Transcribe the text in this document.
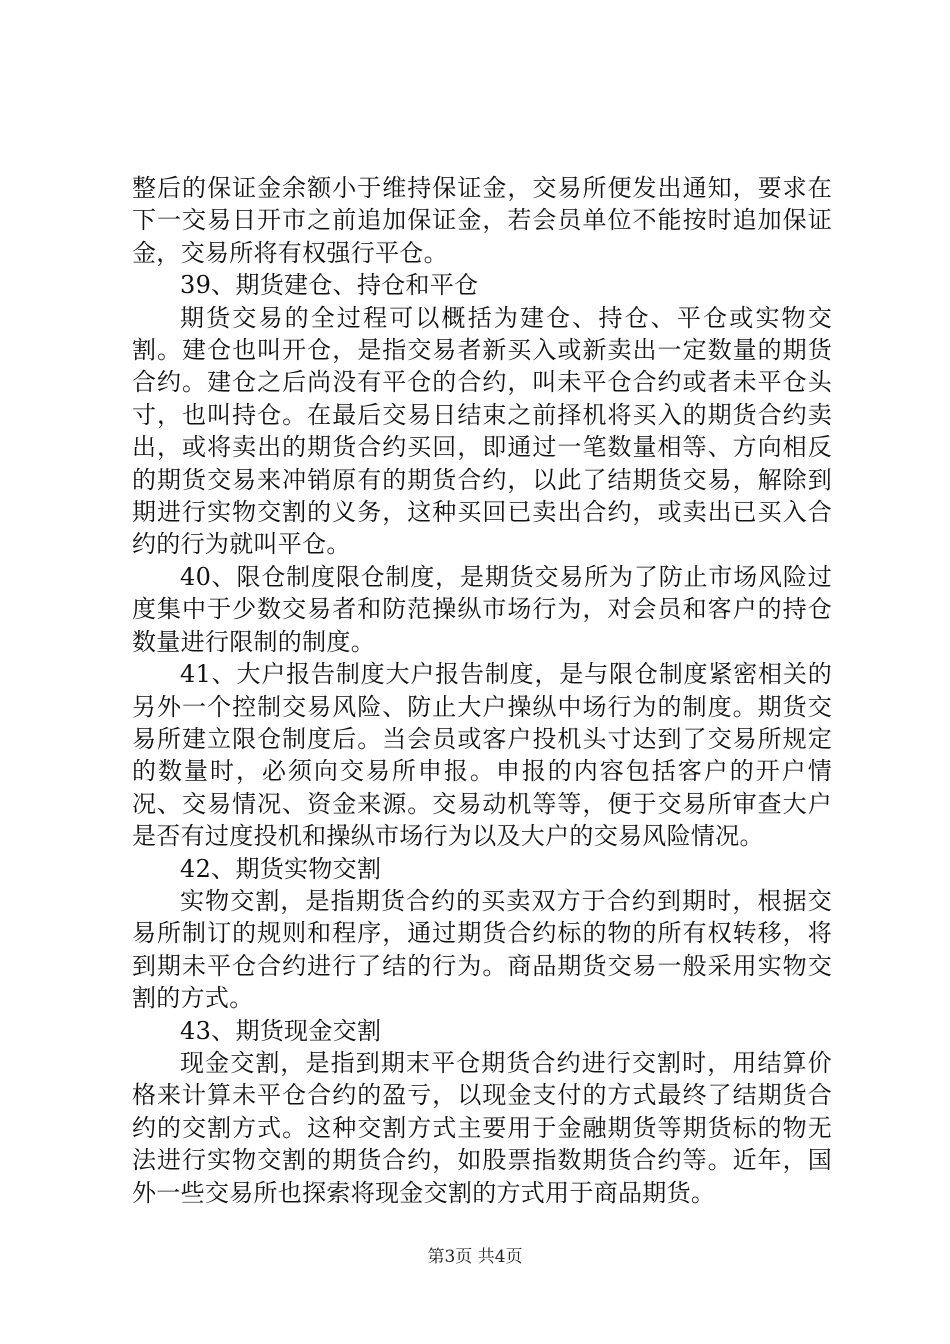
整后的保证金余额小于维持保证金，交易所便发出通知，要求在下一交易日开市之前追加保证金，若会员单位不能按时追加保证金，交易所将有权强行平仓。

39、期货建仓、持仓和平仓

期货交易的全过程可以概括为建仓、持仓、平仓或实物交割。建仓也叫开仓，是指交易者新买入或新卖出一定数量的期货合约。建仓之后尚没有平仓的合约，叫未平仓合约或者未平仓头寸，也叫持仓。在最后交易日结束之前择机将买入的期货合约卖出，或将卖出的期货合约买回，即通过一笔数量相等、方向相反的期货交易来冲销原有的期货合约，以此了结期货交易，解除到期进行实物交割的义务，这种买回已卖出合约，或卖出已买入合约的行为就叫平仓。

40、限仓制度限仓制度，是期货交易所为了防止市场风险过度集中于少数交易者和防范操纵市场行为，对会员和客户的持仓数量进行限制的制度。

41、大户报告制度大户报告制度，是与限仓制度紧密相关的另外一个控制交易风险、防止大户操纵中场行为的制度。期货交易所建立限仓制度后。当会员或客户投机头寸达到了交易所规定的数量时，必须向交易所申报。申报的内容包括客户的开户情况、交易情况、资金来源。交易动机等等，便于交易所审查大户是否有过度投机和操纵市场行为以及大户的交易风险情况。

42、期货实物交割

实物交割，是指期货合约的买卖双方于合约到期时，根据交易所制订的规则和程序，通过期货合约标的物的所有权转移，将到期未平仓合约进行了结的行为。商品期货交易一般采用实物交割的方式。

43、期货现金交割

现金交割，是指到期末平仓期货合约进行交割时，用结算价格来计算未平仓合约的盈亏，以现金支付的方式最终了结期货合约的交割方式。这种交割方式主要用于金融期货等期货标的物无法进行实物交割的期货合约，如股票指数期货合约等。近年，国外一些交易所也探索将现金交割的方式用于商品期货。

第3页 共4页
